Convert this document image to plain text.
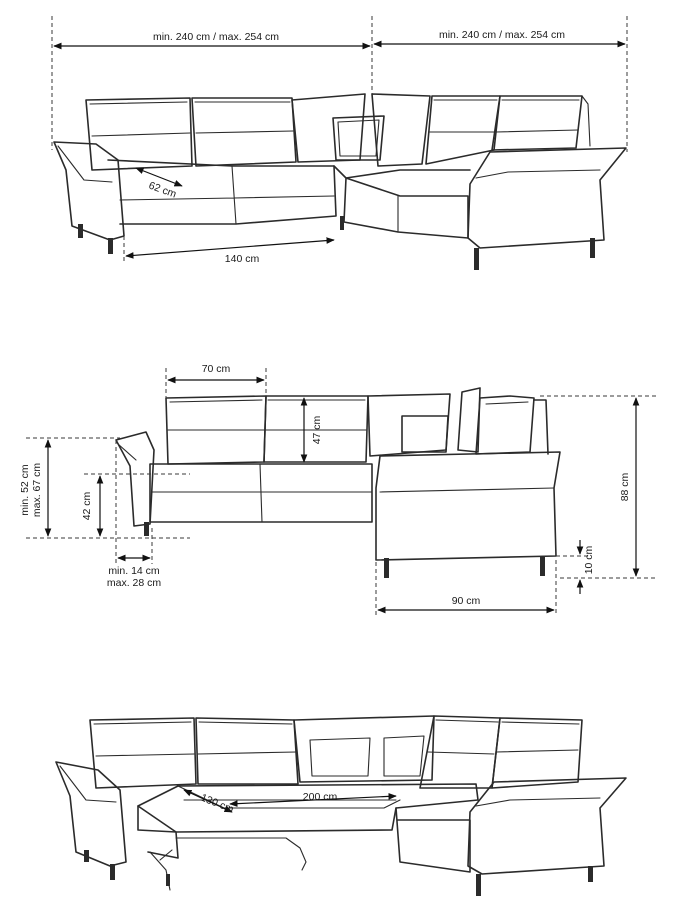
min. 240 cm / max. 254 cm	min. 240 cm / max. 254 cm
62 cm
140 cm
70 cm
47 cm
min. 52 cm max. 67 cm	42 cm
min. 14 cm
max. 28 cm
88 cm
10 cm
90 cm
130 cm	200 cm
